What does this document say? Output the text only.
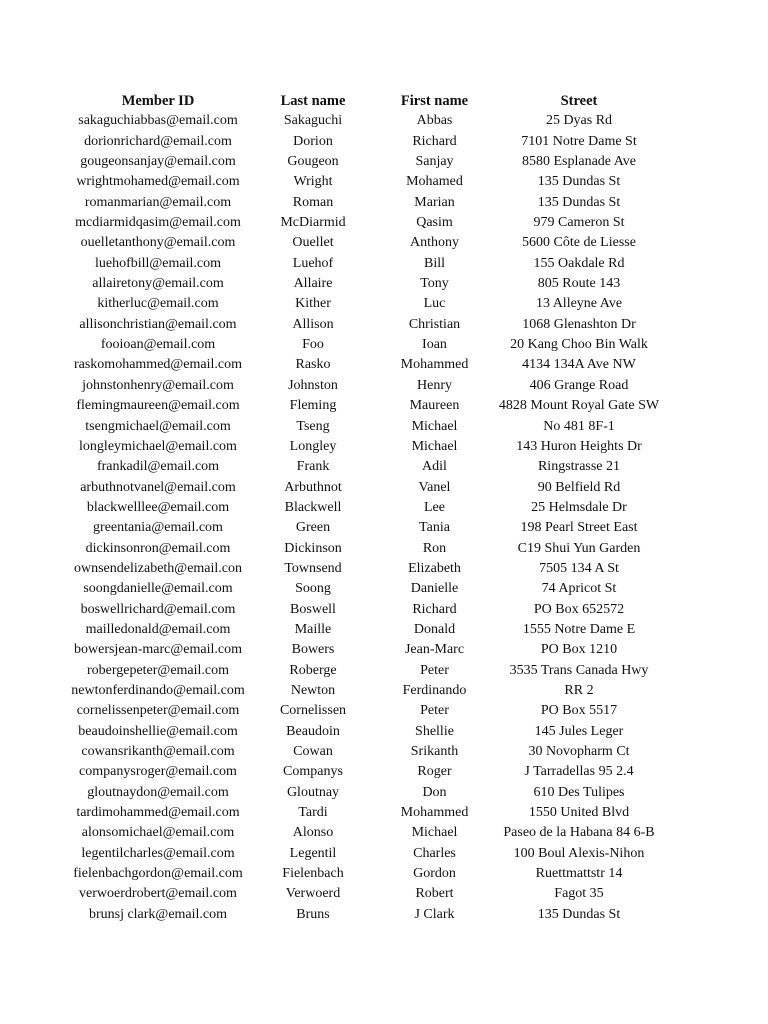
	Member ID	Last name	First name	Street	
	sakaguchiabbas@email.com	Sakaguchi	Abbas	25 Dyas Rd	
	dorionrichard@email.com	Dorion	Richard	7101 Notre Dame St	
	gougeonsanjay@email.com	Gougeon	Sanjay	8580 Esplanade Ave	
	wrightmohamed@email.com	Wright	Mohamed	135 Dundas St	
	romanmarian@email.com	Roman	Marian	135 Dundas St	
	mcdiarmidqasim@email.com	McDiarmid	Qasim	979 Cameron St	
	ouelletanthony@email.com	Ouellet	Anthony	5600 Côte de Liesse	
	luehofbill@email.com	Luehof	Bill	155 Oakdale Rd	
	allairetony@email.com	Allaire	Tony	805 Route 143	
	kitherluc@email.com	Kither	Luc	13 Alleyne Ave	
	allisonchristian@email.com	Allison	Christian	1068 Glenashton Dr	
	fooioan@email.com	Foo	Ioan	20 Kang Choo Bin Walk	
	raskomohammed@email.com	Rasko	Mohammed	4134 134A Ave NW	
	johnstonhenry@email.com	Johnston	Henry	406 Grange Road	
	flemingmaureen@email.com	Fleming	Maureen	4828 Mount Royal Gate SW	
	tsengmichael@email.com	Tseng	Michael	No 481 8F-1	
	longleymichael@email.com	Longley	Michael	143 Huron Heights Dr	
	frankadil@email.com	Frank	Adil	Ringstrasse 21	
	arbuthnotvanel@email.com	Arbuthnot	Vanel	90 Belfield Rd	
	blackwelllee@email.com	Blackwell	Lee	25 Helmsdale Dr	
	greentania@email.com	Green	Tania	198 Pearl Street East	
	dickinsonron@email.com	Dickinson	Ron	C19 Shui Yun Garden	
	ownsendelizabeth@email.con	Townsend	Elizabeth	7505 134 A St	
	soongdanielle@email.com	Soong	Danielle	74 Apricot St	
	boswellrichard@email.com	Boswell	Richard	PO Box 652572	
	mailledonald@email.com	Maille	Donald	1555 Notre Dame E	
	bowersjean-marc@email.com	Bowers	Jean-Marc	PO Box 1210	
	robergepeter@email.com	Roberge	Peter	3535 Trans Canada Hwy	
	newtonferdinando@email.com	Newton	Ferdinando	RR 2	
	cornelissenpeter@email.com	Cornelissen	Peter	PO Box 5517	
	beaudoinshellie@email.com	Beaudoin	Shellie	145 Jules Leger	
	cowansrikanth@email.com	Cowan	Srikanth	30 Novopharm Ct	
	companysroger@email.com	Companys	Roger	J Tarradellas 95 2.4	
	gloutnaydon@email.com	Gloutnay	Don	610 Des Tulipes	
	tardimohammed@email.com	Tardi	Mohammed	1550 United Blvd	
	alonsomichael@email.com	Alonso	Michael	Paseo de la Habana 84 6-B	
	legentilcharles@email.com	Legentil	Charles	100 Boul Alexis-Nihon	
	fielenbachgordon@email.com	Fielenbach	Gordon	Ruettmattstr 14	
	verwoerdrobert@email.com	Verwoerd	Robert	Fagot 35	
	brunsj clark@email.com	Bruns	J Clark	135 Dundas St	
